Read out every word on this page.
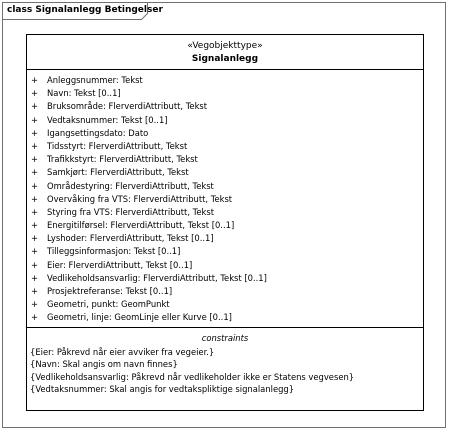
class Signalanlegg Betingelser
«Vegobjekttype»
Signalanlegg
+ Anleggsnummer: Tekst
+ Navn: Tekst [0..1]
+ Bruksområde: FlerverdiAttributt, Tekst
+ Vedtaksnummer: Tekst [0..1]
+ Igangsettingsdato: Dato
+ Tidsstyrt: FlerverdiAttributt, Tekst
+ Trafikkstyrt: FlerverdiAttributt, Tekst
+ Samkjørt: FlerverdiAttributt, Tekst
+ Områdestyring: FlerverdiAttributt, Tekst
+ Overvåking fra VTS: FlerverdiAttributt, Tekst
+ Styring fra VTS: FlerverdiAttributt, Tekst
+ Energitilførsel: FlerverdiAttributt, Tekst [0..1]
+ Lyshoder: FlerverdiAttributt, Tekst [0..1]
+ Tilleggsinformasjon: Tekst [0..1]
+ Eier: FlerverdiAttributt, Tekst [0..1]
+ Vedlikeholdsansvarlig: FlerverdiAttributt, Tekst [0..1]
+ Prosjektreferanse: Tekst [0..1]
+ Geometri, punkt: GeomPunkt
+ Geometri, linje: GeomLinje eller Kurve [0..1]
constraints
{Eier: Påkrevd når eier avviker fra vegeier.}
{Navn: Skal angis om navn finnes}
{Vedlikeholdsansvarlig: Påkrevd når vedlikeholder ikke er Statens vegvesen}
{Vedtaksnummer: Skal angis for vedtakspliktige signalanlegg}
